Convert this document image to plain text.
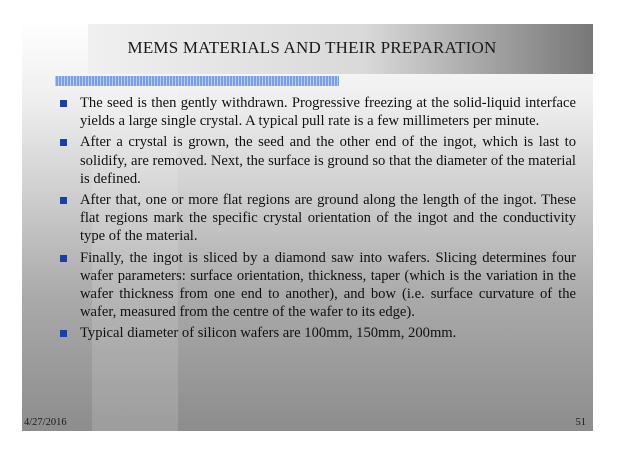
MEMS MATERIALS AND THEIR PREPARATION
The seed is then gently withdrawn. Progressive freezing at the solid-liquid interface yields a large single crystal. A typical pull rate is a few millimeters per minute.
After a crystal is grown, the seed and the other end of the ingot, which is last to solidify, are removed. Next, the surface is ground so that the diameter of the material is defined.
After that, one or more flat regions are ground along the length of the ingot. These flat regions mark the specific crystal orientation of the ingot and the conductivity type of the material.
Finally, the ingot is sliced by a diamond saw into wafers. Slicing determines four wafer parameters: surface orientation, thickness, taper (which is the variation in the wafer thickness from one end to another), and bow (i.e. surface curvature of the wafer, measured from the centre of the wafer to its edge).
Typical diameter of silicon wafers are 100mm, 150mm, 200mm.
4/27/2016	51
